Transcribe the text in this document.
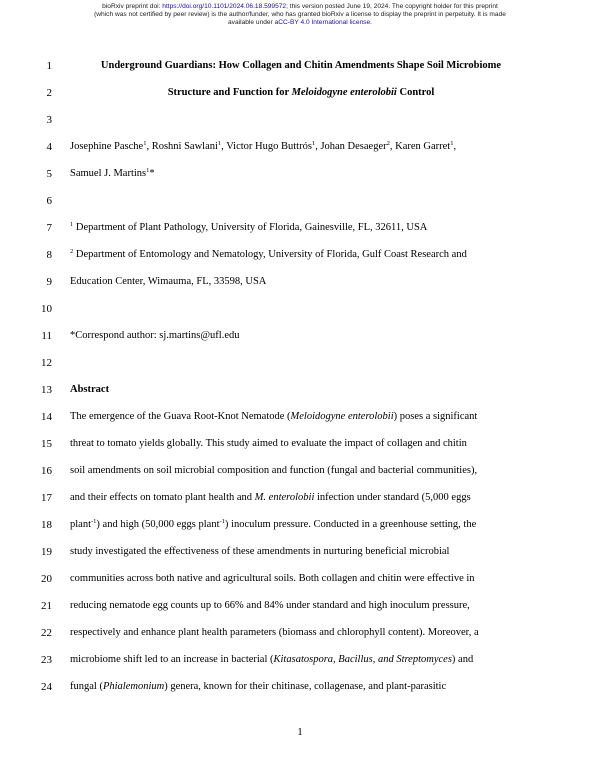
bioRxiv preprint doi: https://doi.org/10.1101/2024.06.18.599572; this version posted June 19, 2024. The copyright holder for this preprint
(which was not certified by peer review) is the author/funder, who has granted bioRxiv a license to display the preprint in perpetuity. It is made
available under aCC-BY 4.0 International license.
1
2
3
4
5
6
7
8
9
10
11
12
13
14
15
16
17
18
19
20
21
22
23
24
Underground Guardians: How Collagen and Chitin Amendments Shape Soil Microbiome
Structure and Function for Meloidogyne enterolobii Control
Josephine Pasche$^1$, Roshni Sawlani$^1$, Victor Hugo Buttrós$^1$, Johan Desaeger$^2$, Karen Garret$^1$,
Samuel J. Martins$^1$*
$^1$ Department of Plant Pathology, University of Florida, Gainesville, FL, 32611, USA
$^2$ Department of Entomology and Nematology, University of Florida, Gulf Coast Research and
Education Center, Wimauma, FL, 33598, USA
*Correspond author: sj.martins@ufl.edu
Abstract
The emergence of the Guava Root-Knot Nematode (Meloidogyne enterolobii) poses a significant
threat to tomato yields globally. This study aimed to evaluate the impact of collagen and chitin
soil amendments on soil microbial composition and function (fungal and bacterial communities),
and their effects on tomato plant health and M. enterolobii infection under standard (5,000 eggs
plant$^{-1}$) and high (50,000 eggs plant$^{-1}$) inoculum pressure. Conducted in a greenhouse setting, the
study investigated the effectiveness of these amendments in nurturing beneficial microbial
communities across both native and agricultural soils. Both collagen and chitin were effective in
reducing nematode egg counts up to 66% and 84% under standard and high inoculum pressure,
respectively and enhance plant health parameters (biomass and chlorophyll content). Moreover, a
microbiome shift led to an increase in bacterial (Kitasatospora, Bacillus, and Streptomyces) and
fungal (Phialemonium) genera, known for their chitinase, collagenase, and plant-parasitic
1
